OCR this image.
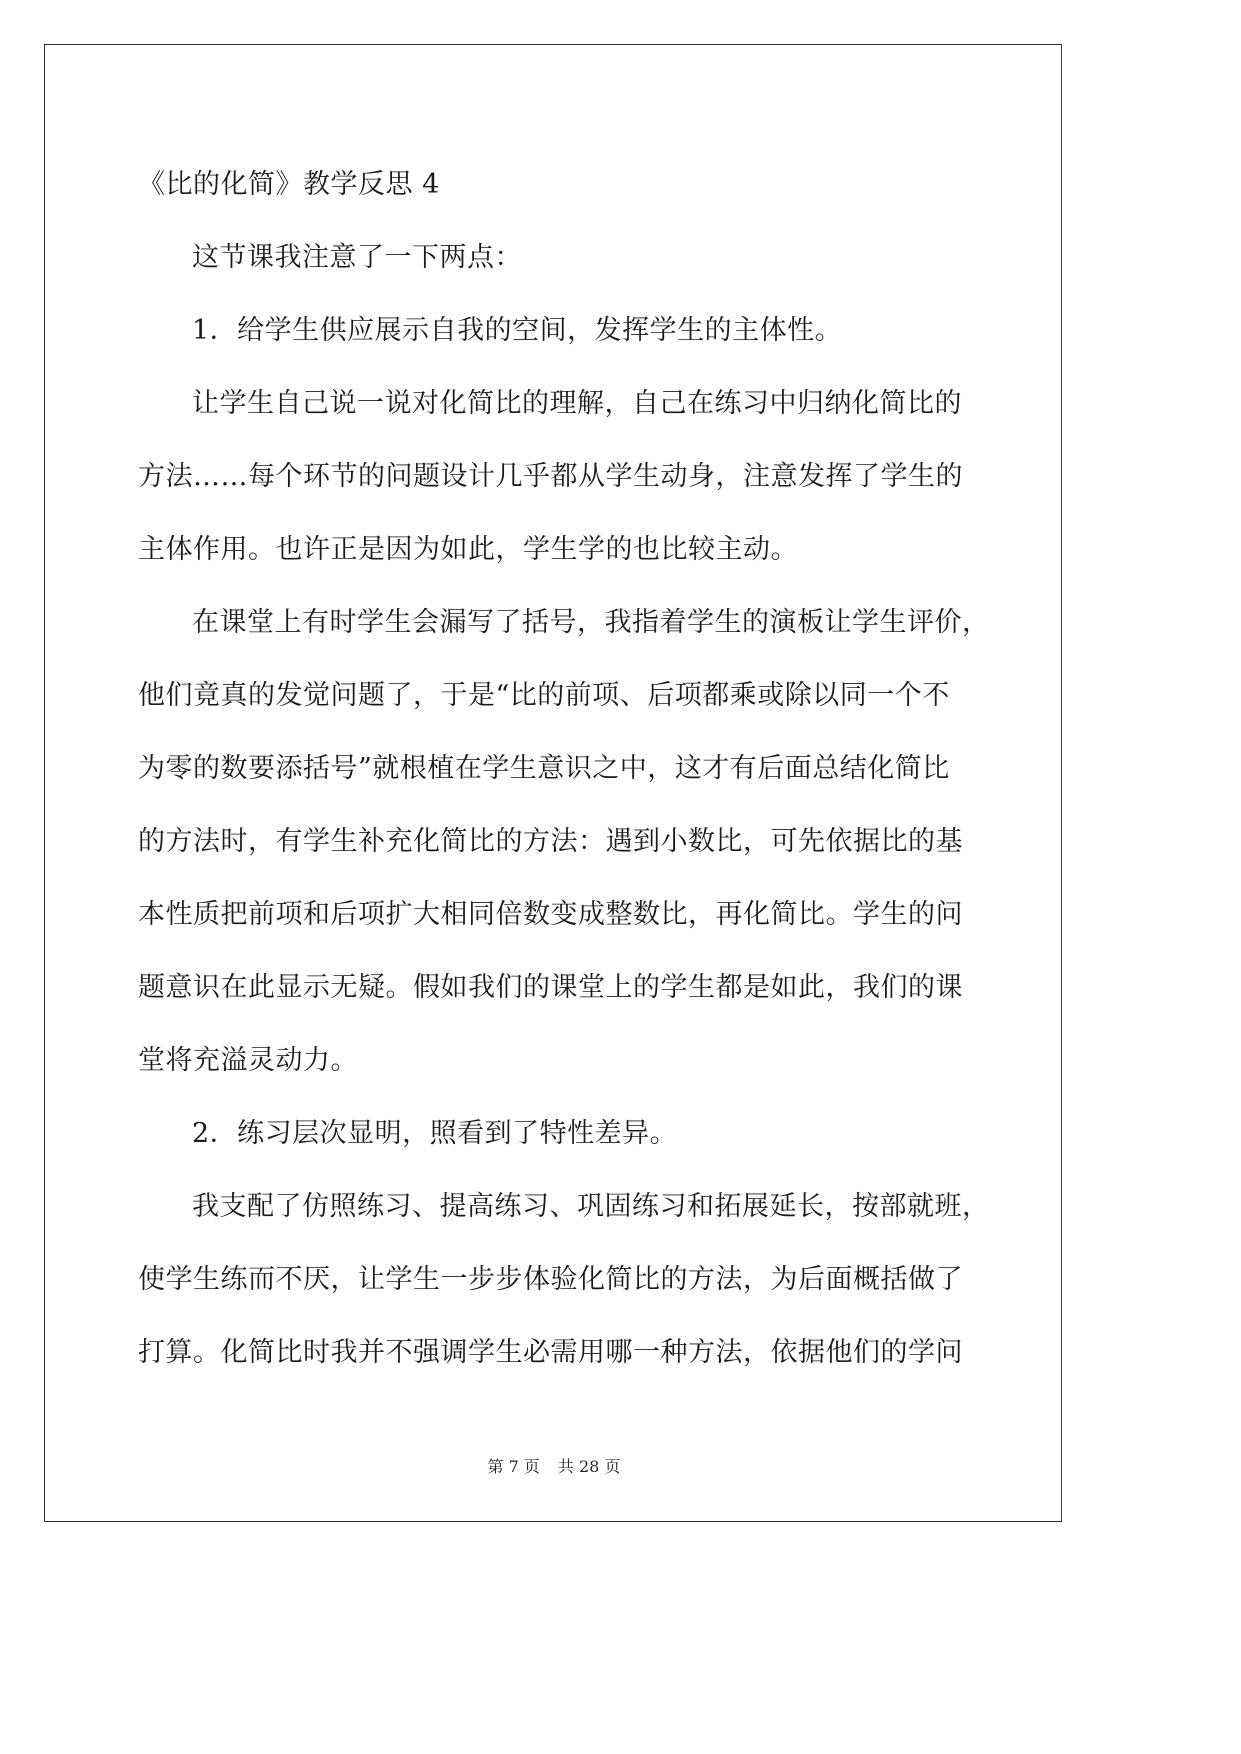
《比的化简》教学反思 4
这节课我注意了一下两点：
1．给学生供应展示自我的空间，发挥学生的主体性。
让学生自己说一说对化简比的理解，自己在练习中归纳化简比的
方法……每个环节的问题设计几乎都从学生动身，注意发挥了学生的
主体作用。也许正是因为如此，学生学的也比较主动。
在课堂上有时学生会漏写了括号，我指着学生的演板让学生评价，
他们竟真的发觉问题了，于是“比的前项、后项都乘或除以同一个不
为零的数要添括号”就根植在学生意识之中，这才有后面总结化简比
的方法时，有学生补充化简比的方法：遇到小数比，可先依据比的基
本性质把前项和后项扩大相同倍数变成整数比，再化简比。学生的问
题意识在此显示无疑。假如我们的课堂上的学生都是如此，我们的课
堂将充溢灵动力。
2．练习层次显明，照看到了特性差异。
我支配了仿照练习、提高练习、巩固练习和拓展延长，按部就班，
使学生练而不厌，让学生一步步体验化简比的方法，为后面概括做了
打算。化简比时我并不强调学生必需用哪一种方法，依据他们的学问
第 7 页 共 28 页
